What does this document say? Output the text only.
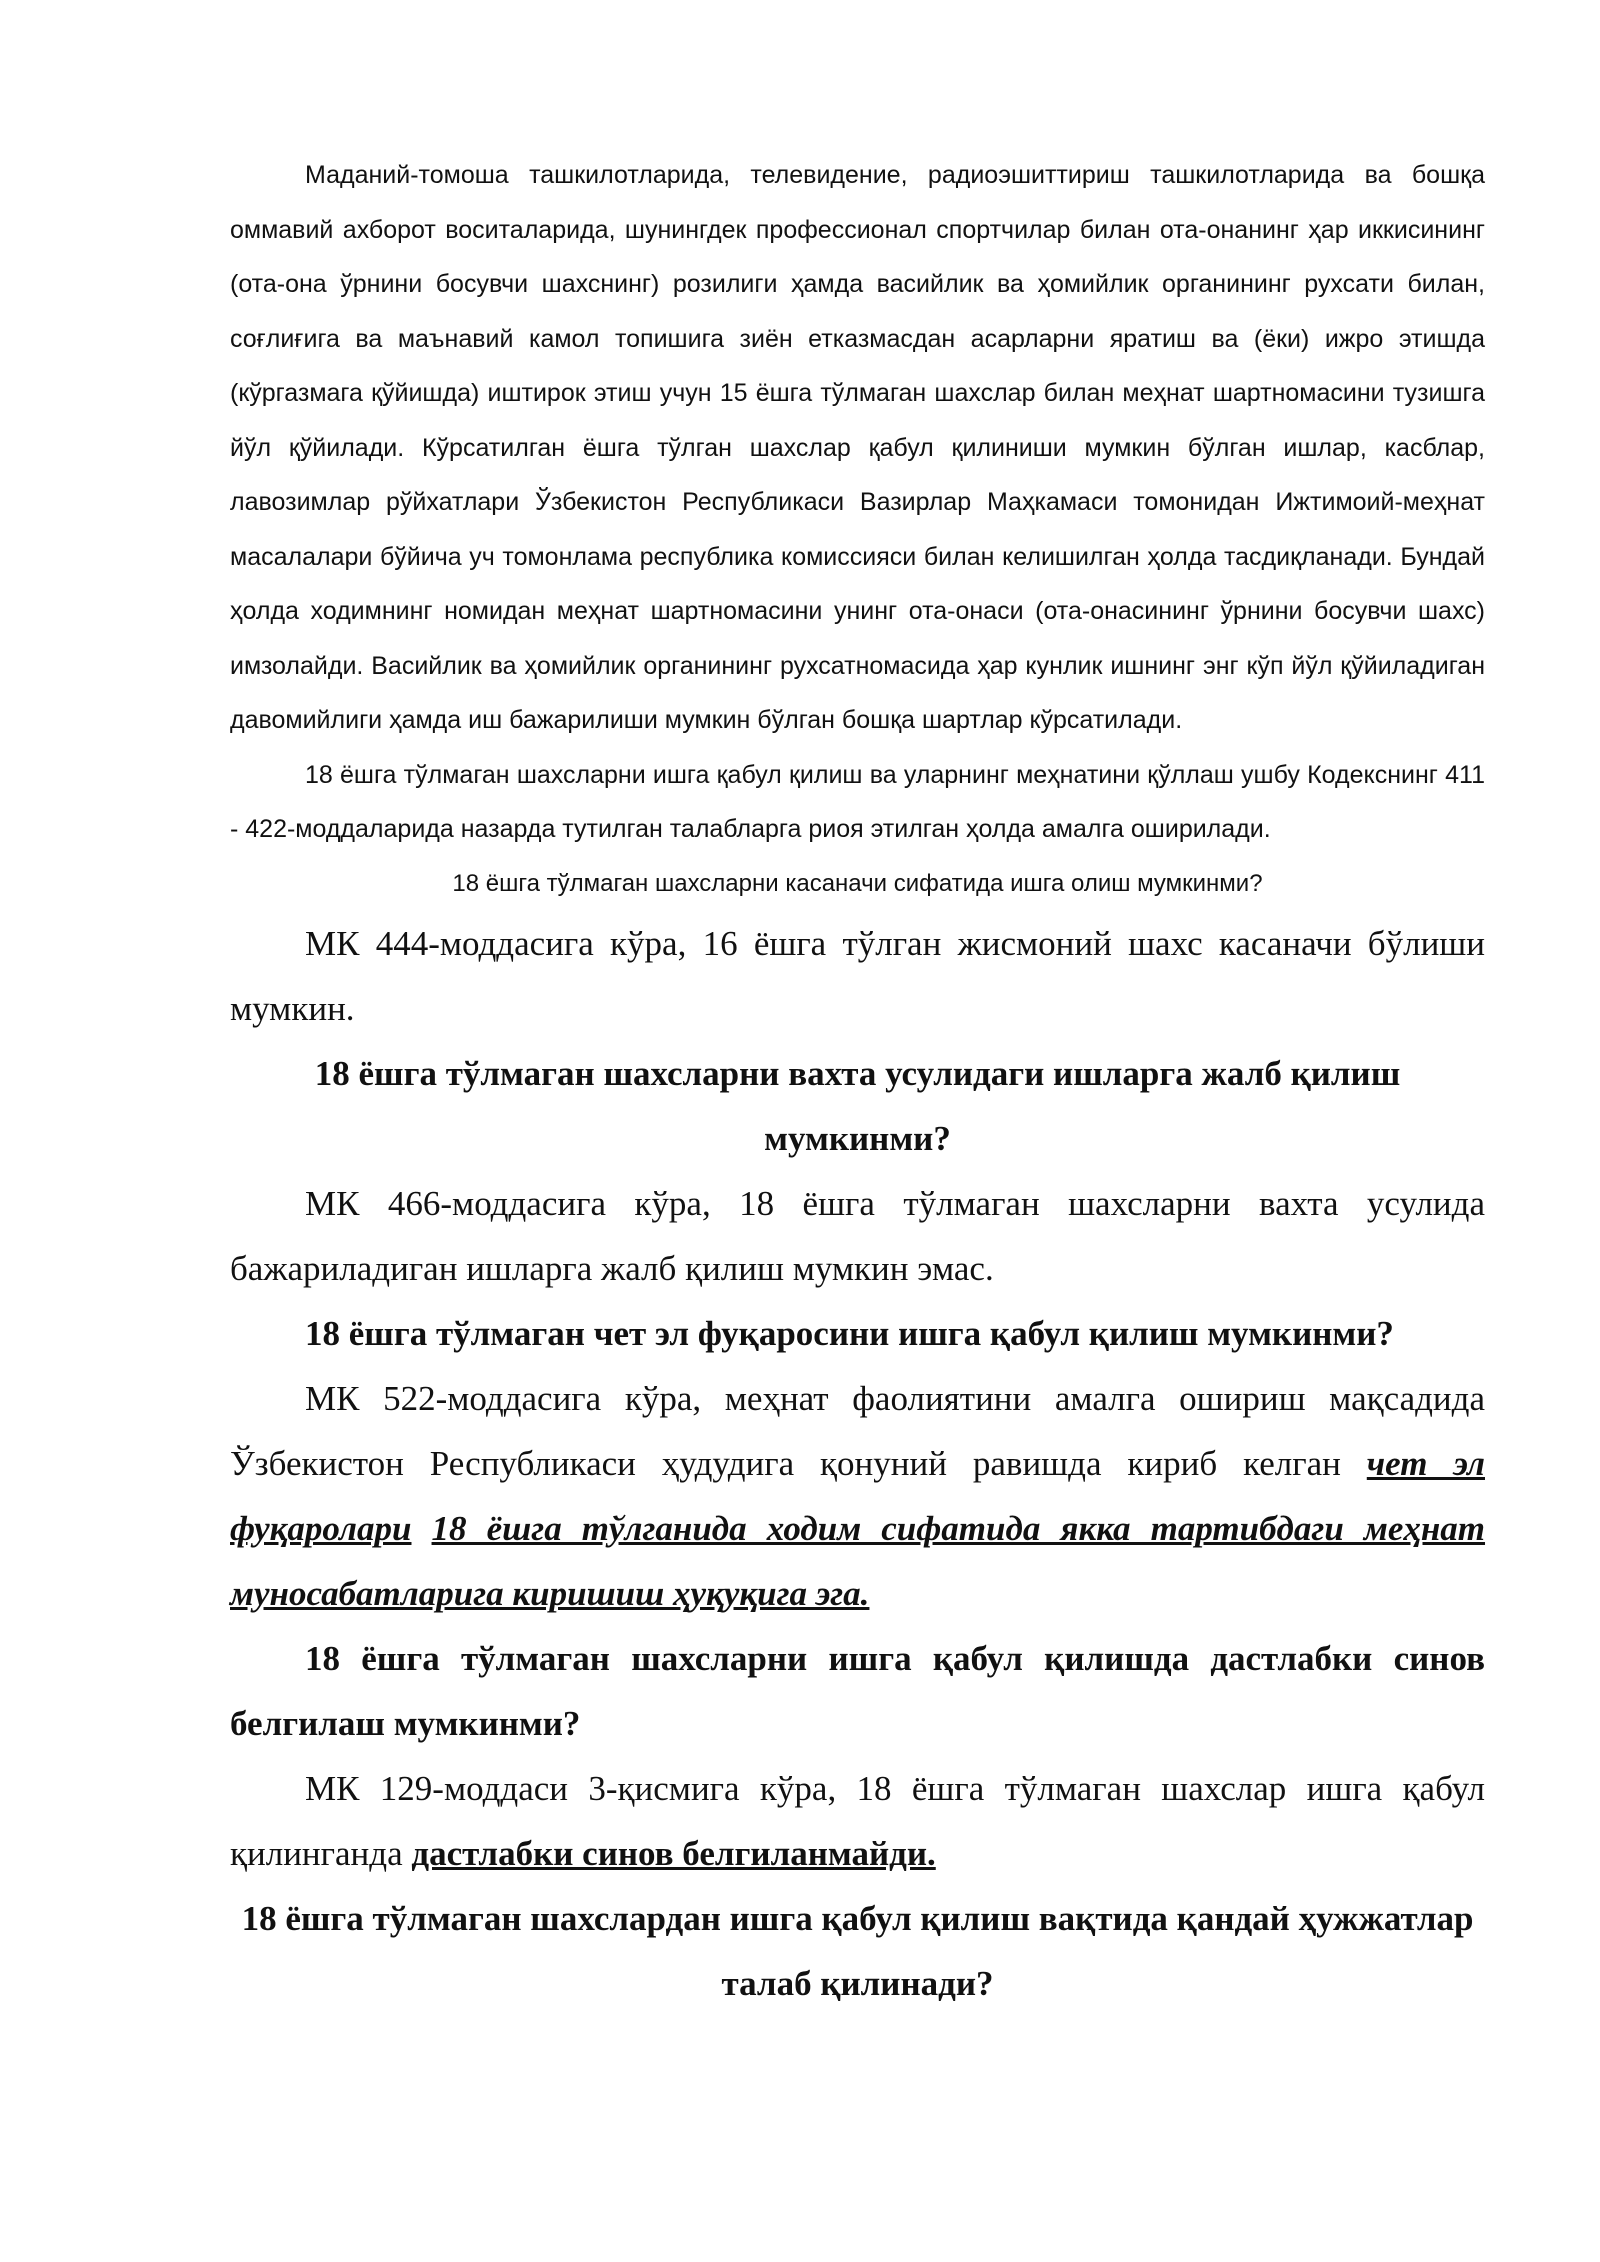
Маданий-томоша ташкилотларида, телевидение, радиоэшиттириш ташкилотларида ва бошқа оммавий ахборот воситаларида, шунингдек профессионал спортчилар билан ота-онанинг ҳар иккисининг (ота-она ўрнини босувчи шахснинг) розилиги ҳамда васийлик ва ҳомийлик органининг рухсати билан, соғлиғига ва маънавий камол топишига зиён етказмасдан асарларни яратиш ва (ёки) ижро этишда (кўргазмага қўйишда) иштирок этиш учун 15 ёшга тўлмаган шахслар билан меҳнат шартномасини тузишга йўл қўйилади. Кўрсатилган ёшга тўлган шахслар қабул қилиниши мумкин бўлган ишлар, касблар, лавозимлар рўйхатлари Ўзбекистон Республикаси Вазирлар Маҳкамаси томонидан Ижтимоий-меҳнат масалалари бўйича уч томонлама республика комиссияси билан келишилган ҳолда тасдиқланади. Бундай ҳолда ходимнинг номидан меҳнат шартномасини унинг ота-онаси (ота-онасининг ўрнини босувчи шахс) имзолайди. Васийлик ва ҳомийлик органининг рухсатномасида ҳар кунлик ишнинг энг кўп йўл қўйиладиган давомийлиги ҳамда иш бажарилиши мумкин бўлган бошқа шартлар кўрсатилади.

18 ёшга тўлмаган шахсларни ишга қабул қилиш ва уларнинг меҳнатини қўллаш ушбу Кодекснинг 411 - 422-моддаларида назарда тутилган талабларга риоя этилган ҳолда амалга оширилади.

18 ёшга тўлмаган шахсларни касаначи сифатида ишга олиш мумкинми?

МК 444-моддасига кўра, 16 ёшга тўлган жисмоний шахс касаначи бўлиши мумкин.

18 ёшга тўлмаган шахсларни вахта усулидаги ишларга жалб қилиш мумкинми?

МК 466-моддасига кўра, 18 ёшга тўлмаган шахсларни вахта усулида бажариладиган ишларга жалб қилиш мумкин эмас.

18 ёшга тўлмаган чет эл фуқаросини ишга қабул қилиш мумкинми?

МК 522-моддасига кўра, меҳнат фаолиятини амалга ошириш мақсадида Ўзбекистон Республикаси ҳудудига қонуний равишда кириб келган чет эл фуқаролари 18 ёшга тўлганида ходим сифатида якка тартибдаги меҳнат муносабатларига киришиш ҳуқуқига эга.

18 ёшга тўлмаган шахсларни ишга қабул қилишда дастлабки синов белгилаш мумкинми?

МК 129-моддаси 3-қисмига кўра, 18 ёшга тўлмаган шахслар ишга қабул қилинганда дастлабки синов белгиланмайди.

18 ёшга тўлмаган шахслардан ишга қабул қилиш вақтида қандай ҳужжатлар талаб қилинади?
